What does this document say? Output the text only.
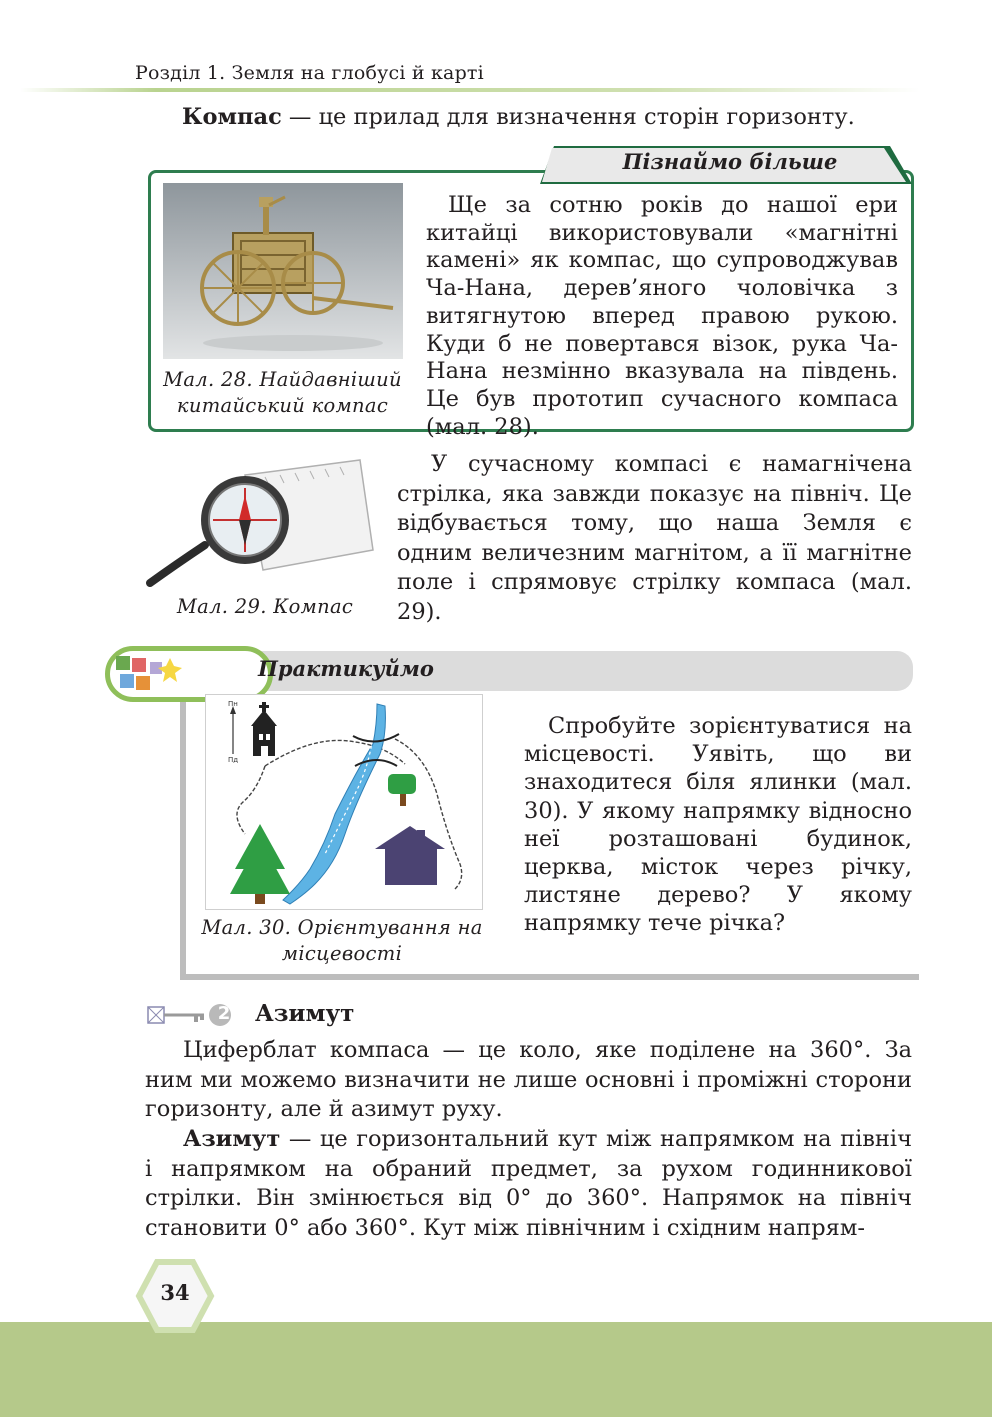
Розділ 1. Земля на глобусі й карті
Компас — це прилад для визначення сторін горизонту.
Пізнаймо більше
Мал. 28. Найдавніший китайський компас
Ще за сотню років до нашої ери китайці використовували «магнітні камені» як компас, що супроводжував Ча-Нана, дерев’яного чоловічка з витягнутою вперед правою рукою. Куди б не повертався візок, рука Ча-Нана незмінно вказувала на південь. Це був прототип сучасного компаса (мал. 28).
Мал. 29. Компас
У сучасному компасі є намагнічена стрілка, яка завжди показує на північ. Це відбувається тому, що наша Земля є одним величезним магнітом, а її магнітне поле і спрямовує стрілку компаса (мал. 29).
Практикуймо
Пн
Пд
Мал. 30. Орієнтування на місцевості
Спробуйте зорієнтуватися на місцевості. Уявіть, що ви знаходитеся біля ялинки (мал. 30). У якому напрямку відносно неї розташовані будинок, церква, місток через річку, листяне дерево? У якому напрямку тече річка?
2 Азимут
Циферблат компаса — це коло, яке поділене на 360°. За ним ми можемо визначити не лише основні і проміжні сторони горизонту, але й азимут руху.
Азимут — це горизонтальний кут між напрямком на північ і напрямком на обраний предмет, за рухом годинникової стрілки. Він змінюється від 0° до 360°. Напрямок на північ становити 0° або 360°. Кут між північним і східним напрям-
34
